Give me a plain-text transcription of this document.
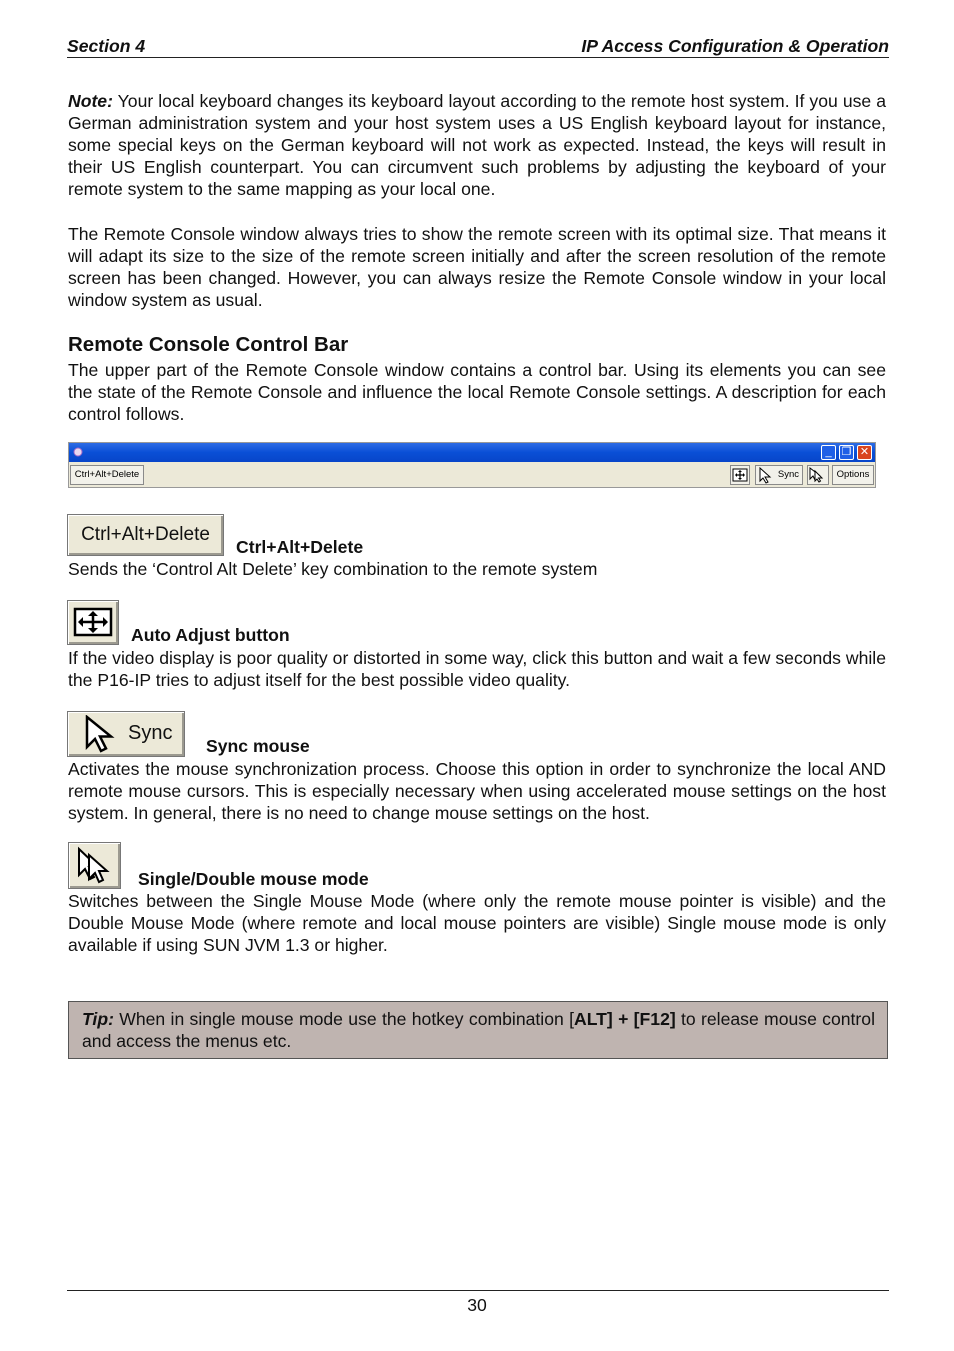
Section 4	IP Access Configuration & Operation

Note: Your local keyboard changes its keyboard layout according to the remote host system. If you use a German administration system and your host system uses a US English keyboard layout for instance, some special keys on the German keyboard will not work as expected. Instead, the keys will result in their US English counterpart. You can circumvent such problems by adjusting the keyboard of your remote system to the same mapping as your local one.

The Remote Console window always tries to show the remote screen with its optimal size. That means it will adapt its size to the size of the remote screen initially and after the screen resolution of the remote screen has been changed. However, you can always resize the Remote Console window in your local window system as usual.

Remote Console Control Bar

The upper part of the Remote Console window contains a control bar. Using its elements you can see the state of the Remote Console and influence the local Remote Console settings. A description for each control follows.

_ ❐ ✕
Ctrl+Alt+Delete	Sync	Options
Ctrl+Alt+Delete
Ctrl+Alt+Delete

Sends the ‘Control Alt Delete’ key combination to the remote system

Auto Adjust button

If the video display is poor quality or distorted in some way, click this button and wait a few seconds while the P16-IP tries to adjust itself for the best possible video quality.

Sync
Sync mouse

Activates the mouse synchronization process. Choose this option in order to synchronize the local AND remote mouse cursors. This is especially necessary when using accelerated mouse settings on the host system. In general, there is no need to change mouse settings on the host.

Single/Double mouse mode

Switches between the Single Mouse Mode (where only the remote mouse pointer is visible) and the Double Mouse Mode (where remote and local mouse pointers are visible) Single mouse mode is only available if using SUN JVM 1.3 or higher.

Tip: When in single mouse mode use the hotkey combination [ALT] + [F12] to release mouse control and access the menus etc.
30
